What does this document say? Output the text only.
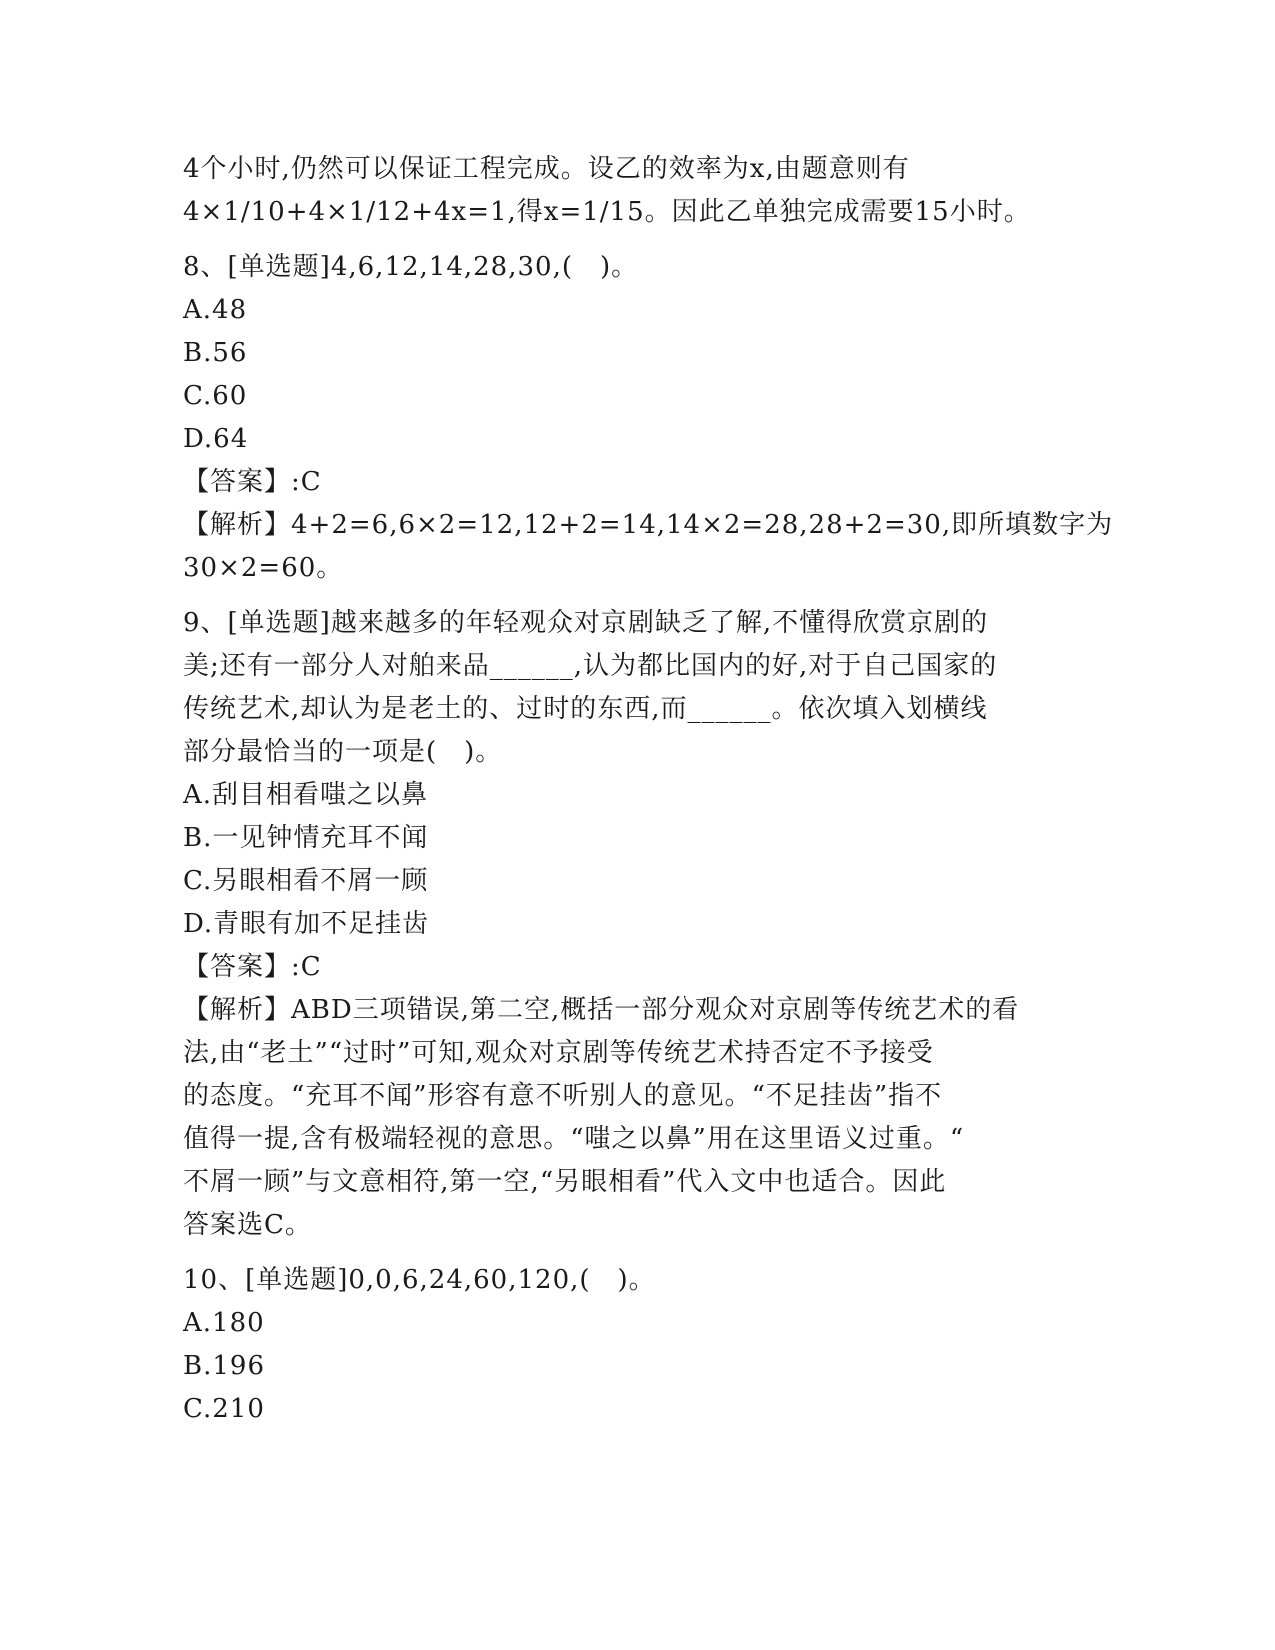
4个小时,仍然可以保证工程完成。设乙的效率为x,由题意则有
4×1/10+4×1/12+4x=1,得x=1/15。因此乙单独完成需要15小时。
8、[单选题]4,6,12,14,28,30,(　)。
A.48
B.56
C.60
D.64
【答案】:C
【解析】4+2=6,6×2=12,12+2=14,14×2=28,28+2=30,即所填数字为
30×2=60。
9、[单选题]越来越多的年轻观众对京剧缺乏了解,不懂得欣赏京剧的
美;还有一部分人对舶来品______,认为都比国内的好,对于自己国家的
传统艺术,却认为是老土的、过时的东西,而______。依次填入划横线
部分最恰当的一项是(　)。
A.刮目相看嗤之以鼻
B.一见钟情充耳不闻
C.另眼相看不屑一顾
D.青眼有加不足挂齿
【答案】:C
【解析】ABD三项错误,第二空,概括一部分观众对京剧等传统艺术的看
法,由“老土”“过时”可知,观众对京剧等传统艺术持否定不予接受
的态度。“充耳不闻”形容有意不听别人的意见。“不足挂齿”指不
值得一提,含有极端轻视的意思。“嗤之以鼻”用在这里语义过重。“
不屑一顾”与文意相符,第一空,“另眼相看”代入文中也适合。因此
答案选C。
10、[单选题]0,0,6,24,60,120,(　)。
A.180
B.196
C.210
